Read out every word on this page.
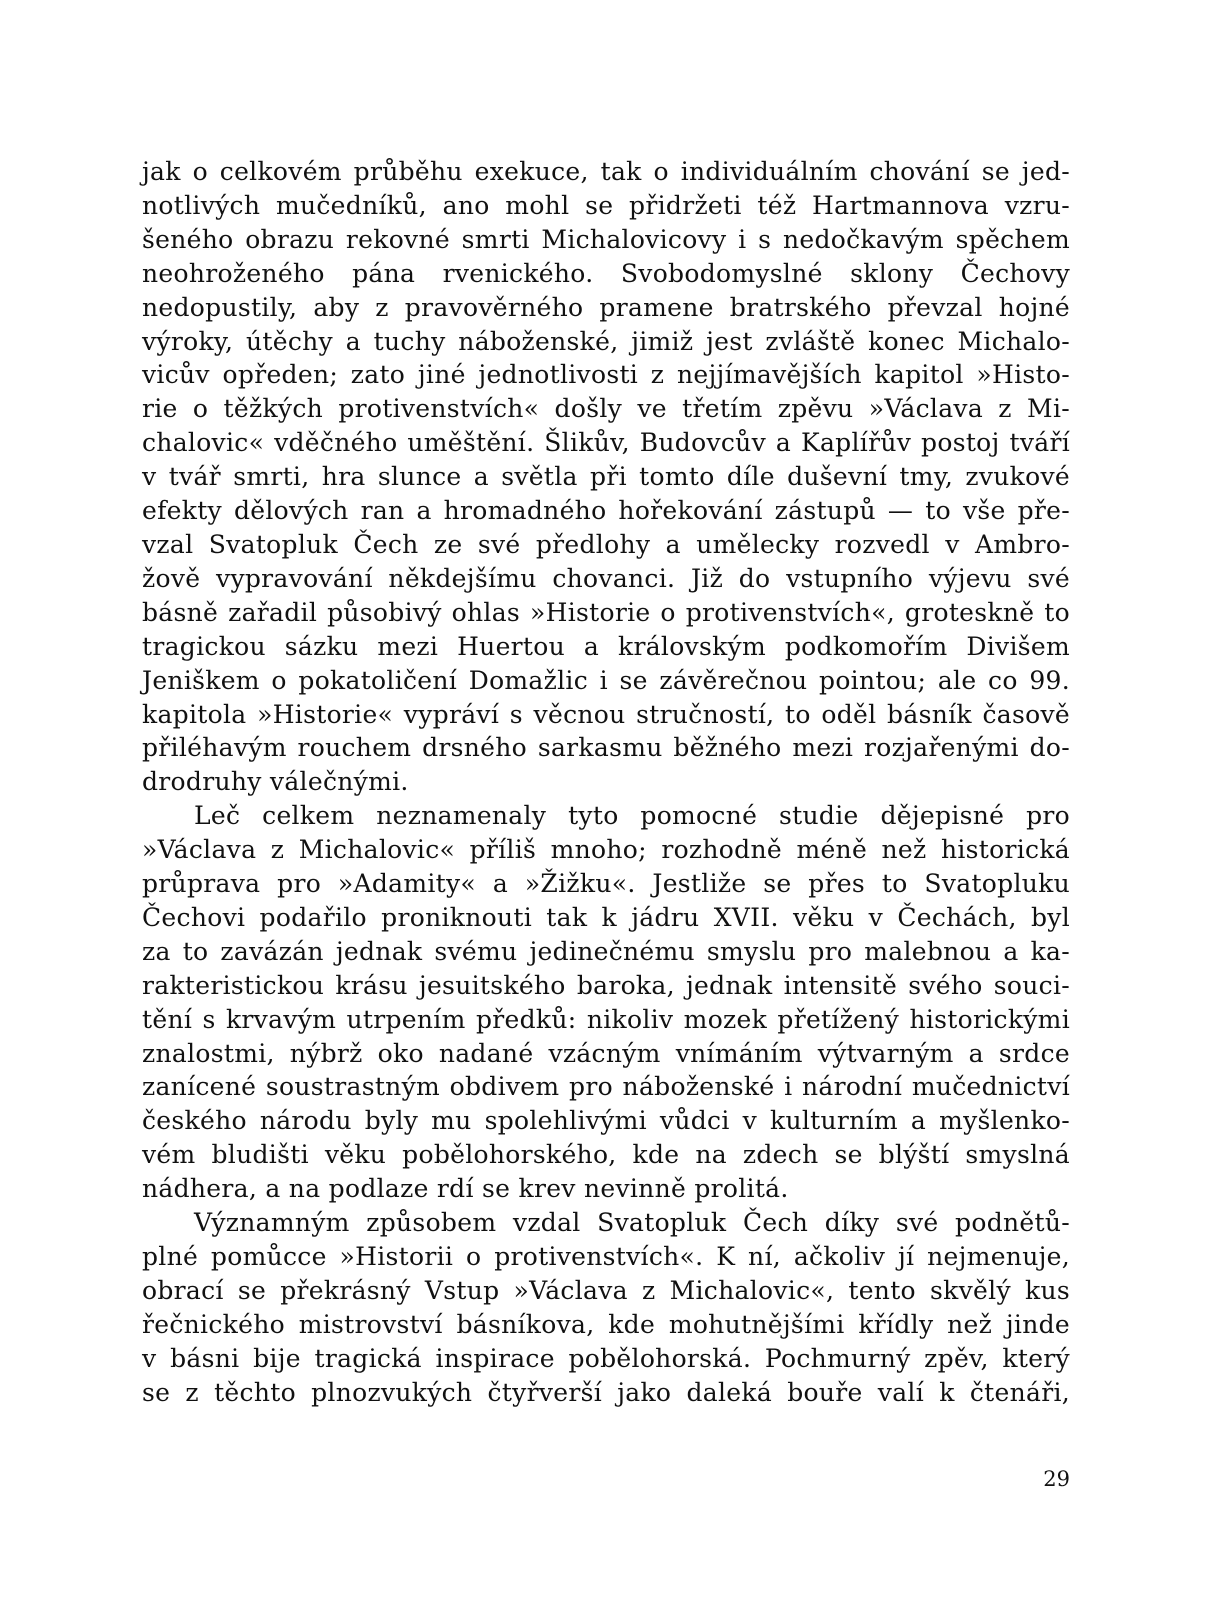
jak o celkovém průběhu exekuce, tak o individuálním chování se jed-
notlivých mučedníků, ano mohl se přidržeti též Hartmannova vzru-
šeného obrazu rekovné smrti Michalovicovy i s nedočkavým spěchem
neohroženého pána rvenického. Svobodomyslné sklony Čechovy
nedopustily, aby z pravověrného pramene bratrského převzal hojné
výroky, útěchy a tuchy náboženské, jimiž jest zvláště konec Michalo-
vicův opředen; zato jiné jednotlivosti z nejjímavějších kapitol »Histo-
rie o těžkých protivenstvích« došly ve třetím zpěvu »Václava z Mi-
chalovic« vděčného uměštění. Šlikův, Budovcův a Kaplířův postoj tváří
v tvář smrti, hra slunce a světla při tomto díle duševní tmy, zvukové
efekty dělových ran a hromadného hořekování zástupů — to vše pře-
vzal Svatopluk Čech ze své předlohy a umělecky rozvedl v Ambro-
žově vypravování někdejšímu chovanci. Již do vstupního výjevu své
básně zařadil působivý ohlas »Historie o protivenstvích«, groteskně to
tragickou sázku mezi Huertou a královským podkomořím Divišem
Jeniškem o pokatoličení Domažlic i se závěrečnou pointou; ale co 99.
kapitola »Historie« vypráví s věcnou stručností, to oděl básník časově
přiléhavým rouchem drsného sarkasmu běžného mezi rozjařenými do-
drodruhy válečnými.

Leč celkem neznamenaly tyto pomocné studie dějepisné pro
»Václava z Michalovic« příliš mnoho; rozhodně méně než historická
průprava pro »Adamity« a »Žižku«. Jestliže se přes to Svatopluku
Čechovi podařilo proniknouti tak k jádru XVII. věku v Čechách, byl
za to zavázán jednak svému jedinečnému smyslu pro malebnou a ka-
rakteristickou krásu jesuitského baroka, jednak intensitě svého souci-
tění s krvavým utrpením předků: nikoliv mozek přetížený historickými
znalostmi, nýbrž oko nadané vzácným vnímáním výtvarným a srdce
zanícené soustrastným obdivem pro náboženské i národní mučednictví
českého národu byly mu spolehlivými vůdci v kulturním a myšlenko-
vém bludišti věku pobělohorského, kde na zdech se blýští smyslná
nádhera, a na podlaze rdí se krev nevinně prolitá.

Významným způsobem vzdal Svatopluk Čech díky své podnětů-
plné pomůcce »Historii o protivenstvích«. K ní, ačkoliv jí nejmenuje,
obrací se překrásný Vstup »Václava z Michalovic«, tento skvělý kus
řečnického mistrovství básníkova, kde mohutnějšími křídly než jinde
v básni bije tragická inspirace pobělohorská. Pochmurný zpěv, který
se z těchto plnozvukých čtyřverší jako daleká bouře valí k čtenáři,

29
